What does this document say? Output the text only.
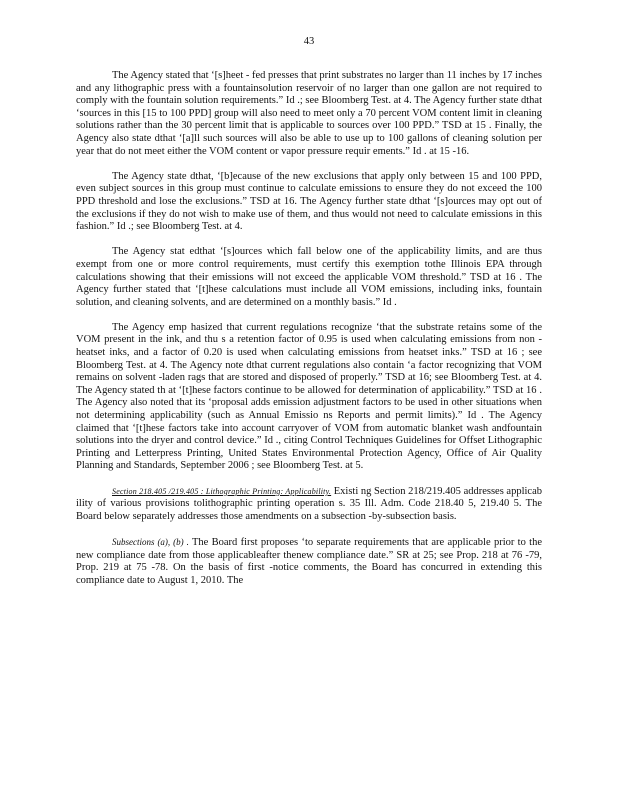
43

The Agency stated that ‘[s]heet - fed presses that print substrates no larger than 11 inches by 17 inches and any lithographic press with a fountainsolution reservoir of no larger than one gallon are not required to comply with the fountain solution requirements.” Id .; see Bloomberg Test. at 4. The Agency further state dthat ‘sources in this [15 to 100 PPD] group will also need to meet only a 70 percent VOM content limit in cleaning solutions rather than the 30 percent limit that is applicable to sources over 100 PPD.” TSD at 15 . Finally, the Agency also state dthat ‘[a]ll such sources will also be able to use up to 100 gallons of cleaning solution per year that do not meet either the VOM content or vapor pressure requir ements.” Id . at 15 -16.

The Agency state dthat, ‘[b]ecause of the new exclusions that apply only between 15 and 100 PPD, even subject sources in this group must continue to calculate emissions to ensure they do not exceed the 100 PPD threshold and lose the exclusions.” TSD at 16. The Agency further state dthat ‘[s]ources may opt out of the exclusions if they do not wish to make use of them, and thus would not need to calculate emissions in this fashion.” Id .; see Bloomberg Test. at 4.

The Agency stat edthat ‘[s]ources which fall below one of the applicability limits, and are thus exempt from one or more control requirements, must certify this exemption tothe Illinois EPA through calculations showing that their emissions will not exceed the applicable VOM threshold.” TSD at 16 . The Agency further stated that ‘[t]hese calculations must include all VOM emissions, including inks, fountain solution, and cleaning solvents, and are determined on a monthly basis.” Id .

The Agency emp hasized that current regulations recognize ‘that the substrate retains some of the VOM present in the ink, and thu s a retention factor of 0.95 is used when calculating emissions from non -heatset inks, and a factor of 0.20 is used when calculating emissions from heatset inks.” TSD at 16 ; see Bloomberg Test. at 4. The Agency note dthat current regulations also contain ‘a factor recognizing that VOM remains on solvent -laden rags that are stored and disposed of properly.” TSD at 16; see Bloomberg Test. at 4. The Agency stated th at ‘[t]hese factors continue to be allowed for determination of applicability.” TSD at 16 . The Agency also noted that its ‘proposal adds emission adjustment factors to be used in other situations when not determining applicability (such as Annual Emissio ns Reports and permit limits).” Id . The Agency claimed that ‘[t]hese factors take into account carryover of VOM from automatic blanket wash andfountain solutions into the dryer and control device.” Id ., citing Control Techniques Guidelines for Offset Lithographic Printing and Letterpress Printing, United States Environmental Protection Agency, Office of Air Quality Planning and Standards, September 2006 ; see Bloomberg Test. at 5.

Section 218.405 /219.405 : Lithographic Printing: Applicability. Existi ng Section 218/219.405 addresses applicab ility of various provisions tolithographic printing operation s. 35 Ill. Adm. Code 218.40 5, 219.40 5. The Board below separately addresses those amendments on a subsection -by-subsection basis.

Subsections (a), (b) . The Board first proposes ‘to separate requirements that are applicable prior to the new compliance date from those applicableafter thenew compliance date.” SR at 25; see Prop. 218 at 76 -79, Prop. 219 at 75 -78. On the basis of first -notice comments, the Board has concurred in extending this compliance date to August 1, 2010. The
